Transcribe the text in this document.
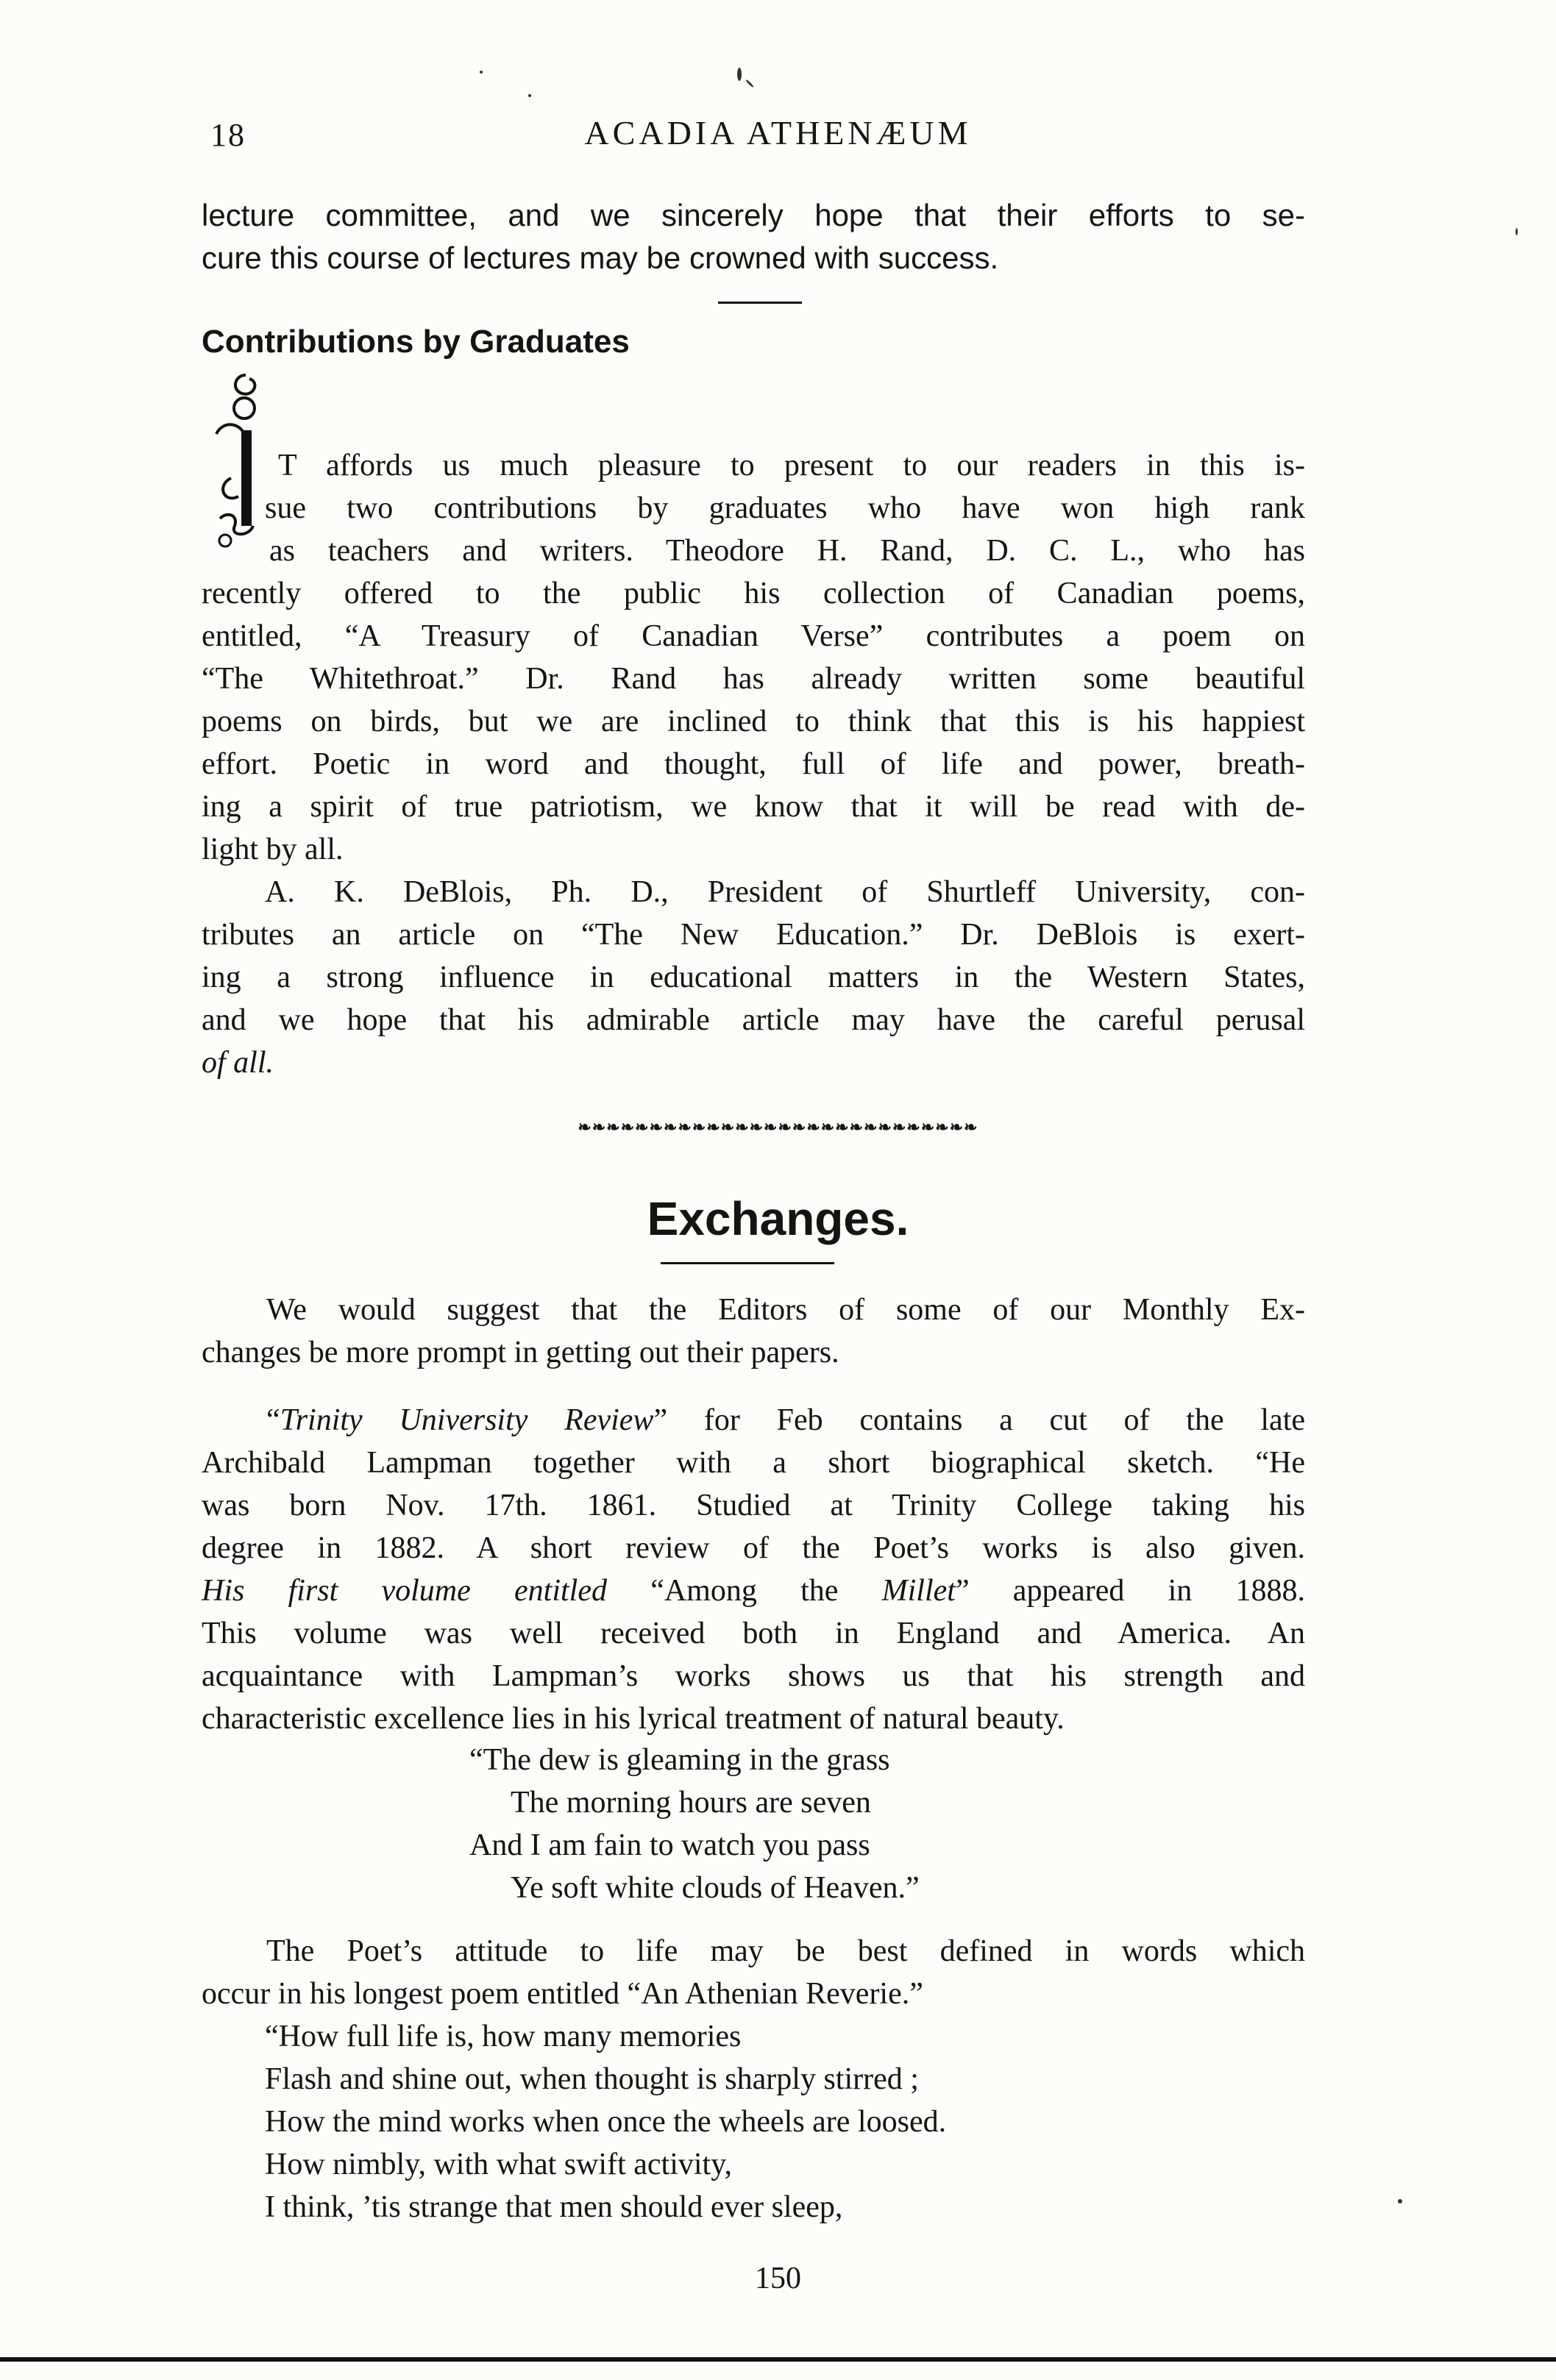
18	ACADIA ATHENÆUM

lecture committee, and we sincerely hope that their efforts to se-
cure this course of lectures may be crowned with success.

Contributions by Graduates

T affords us much pleasure to present to our readers in this is-
sue two contributions by graduates who have won high rank
as teachers and writers. Theodore H. Rand, D. C. L., who has
recently offered to the public his collection of Canadian poems,
entitled, “A Treasury of Canadian Verse” contributes a poem on
“The Whitethroat.” Dr. Rand has already written some beautiful
poems on birds, but we are inclined to think that this is his happiest
effort. Poetic in word and thought, full of life and power, breath-
ing a spirit of true patriotism, we know that it will be read with de-
light by all.

A. K. DeBlois, Ph. D., President of Shurtleff University, con-
tributes an article on “The New Education.” Dr. DeBlois is exert-
ing a strong influence in educational matters in the Western States,
and we hope that his admirable article may have the careful perusal
of all.

❧❧❧❧❧❧❧❧❧❧❧❧❧❧❧❧❧❧❧❧❧❧❧❧❧❧❧❧
Exchanges.

We would suggest that the Editors of some of our Monthly Ex-
changes be more prompt in getting out their papers.

“Trinity University Review” for Feb contains a cut of the late
Archibald Lampman together with a short biographical sketch. “He
was born Nov. 17th. 1861. Studied at Trinity College taking his
degree in 1882. A short review of the Poet’s works is also given.
His first volume entitled “Among the Millet” appeared in 1888.
This volume was well received both in England and America. An
acquaintance with Lampman’s works shows us that his strength and
characteristic excellence lies in his lyrical treatment of natural beauty.

“The dew is gleaming in the grass
The morning hours are seven
And I am fain to watch you pass
Ye soft white clouds of Heaven.”

The Poet’s attitude to life may be best defined in words which
occur in his longest poem entitled “An Athenian Reverie.”

“How full life is, how many memories
Flash and shine out, when thought is sharply stirred ;
How the mind works when once the wheels are loosed.
How nimbly, with what swift activity,
I think, ’tis strange that men should ever sleep,
150
